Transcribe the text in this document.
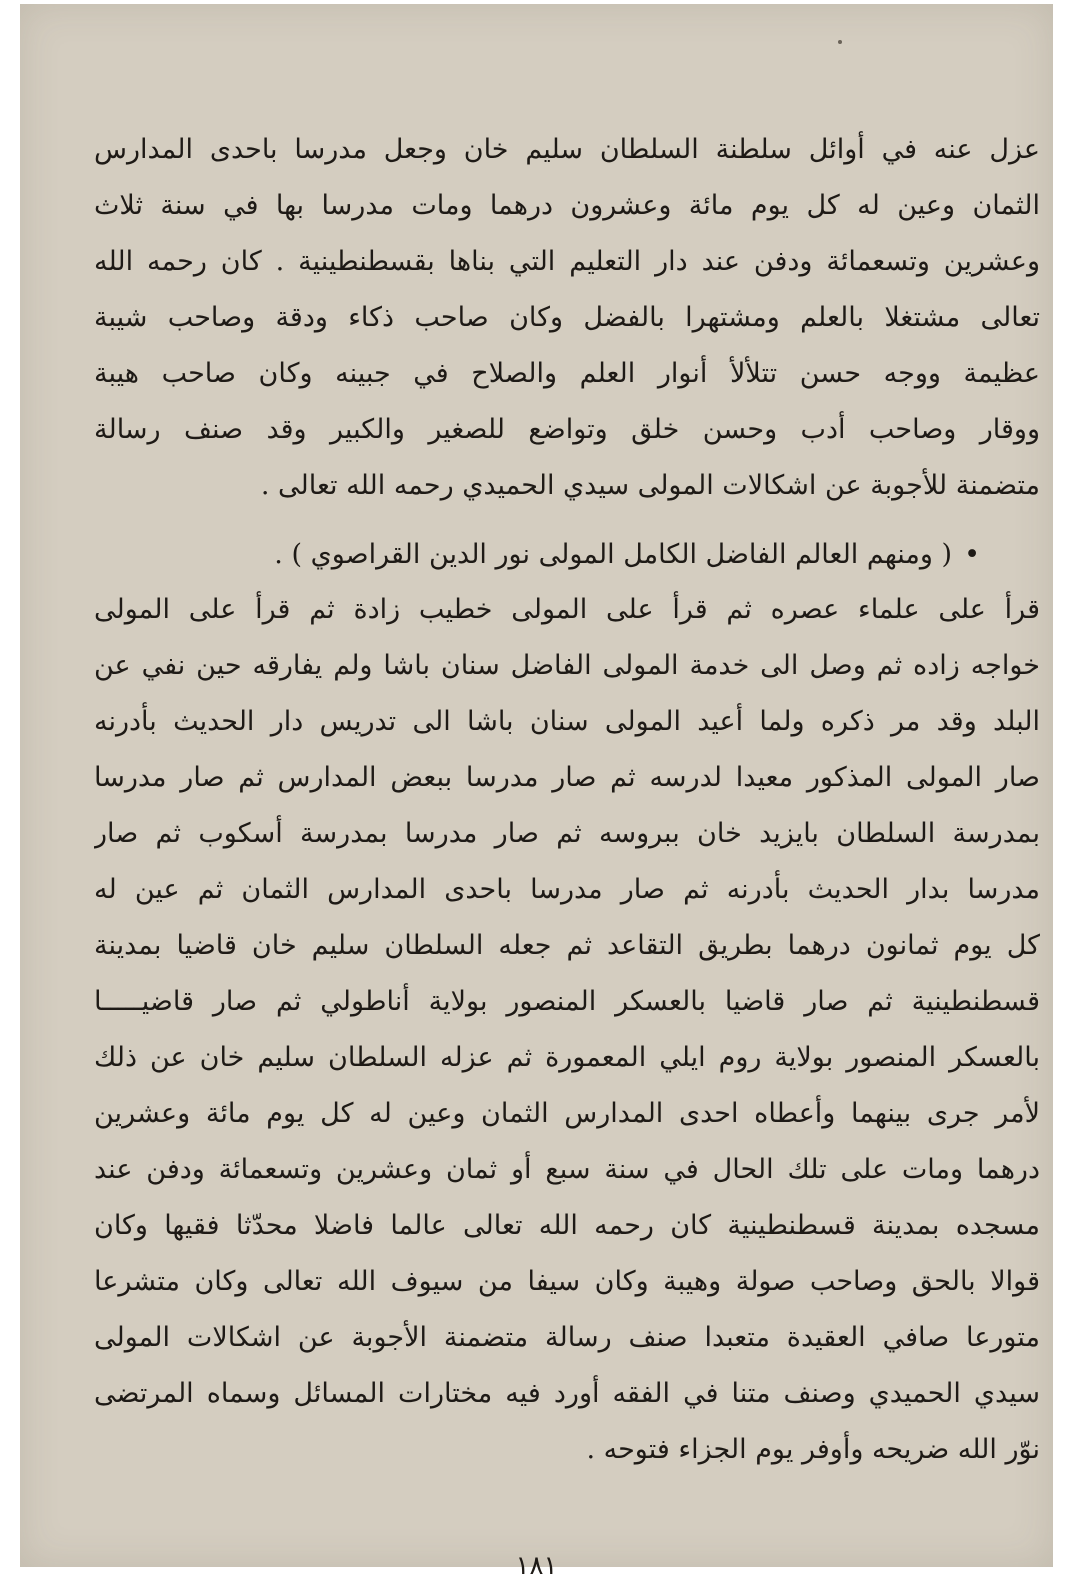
عزل عنه في أوائل سلطنة السلطان سليم خان وجعل مدرسا باحدى المدارس
الثمان وعين له كل يوم مائة وعشرون درهما ومات مدرسا بها في سنة ثلاث
وعشرين وتسعمائة ودفن عند دار التعليم التي بناها بقسطنطينية . كان رحمه الله
تعالى مشتغلا بالعلم ومشتهرا بالفضل وكان صاحب ذكاء ودقة وصاحب شيبة
عظيمة ووجه حسن تتلألأ أنوار العلم والصلاح في جبينه وكان صاحب هيبة
ووقار وصاحب أدب وحسن خلق وتواضع للصغير والكبير وقد صنف رسالة
متضمنة للأجوبة عن اشكالات المولى سيدي الحميدي رحمه الله تعالى .
•( ومنهم العالم الفاضل الكامل المولى نور الدين القراصوي ) .
قرأ على علماء عصره ثم قرأ على المولى خطيب زادة ثم قرأ على المولى
خواجه زاده ثم وصل الى خدمة المولى الفاضل سنان باشا ولم يفارقه حين نفي عن
البلد وقد مر ذكره ولما أعيد المولى سنان باشا الى تدريس دار الحديث بأدرنه
صار المولى المذكور معيدا لدرسه ثم صار مدرسا ببعض المدارس ثم صار مدرسا
بمدرسة السلطان بايزيد خان ببروسه ثم صار مدرسا بمدرسة أسكوب ثم صار
مدرسا بدار الحديث بأدرنه ثم صار مدرسا باحدى المدارس الثمان ثم عين له
كل يوم ثمانون درهما بطريق التقاعد ثم جعله السلطان سليم خان قاضيا بمدينة
قسطنطينية ثم صار قاضيا بالعسكر المنصور بولاية أناطولي ثم صار قاضيـــــا
بالعسكر المنصور بولاية روم ايلي المعمورة ثم عزله السلطان سليم خان عن ذلك
لأمر جرى بينهما وأعطاه احدى المدارس الثمان وعين له كل يوم مائة وعشرين
درهما ومات على تلك الحال في سنة سبع أو ثمان وعشرين وتسعمائة ودفن عند
مسجده بمدينة قسطنطينية كان رحمه الله تعالى عالما فاضلا محدّثا فقيها وكان
قوالا بالحق وصاحب صولة وهيبة وكان سيفا من سيوف الله تعالى وكان متشرعا
متورعا صافي العقيدة متعبدا صنف رسالة متضمنة الأجوبة عن اشكالات المولى
سيدي الحميدي وصنف متنا في الفقه أورد فيه مختارات المسائل وسماه المرتضى
نوّر الله ضريحه وأوفر يوم الجزاء فتوحه .
١٨١
